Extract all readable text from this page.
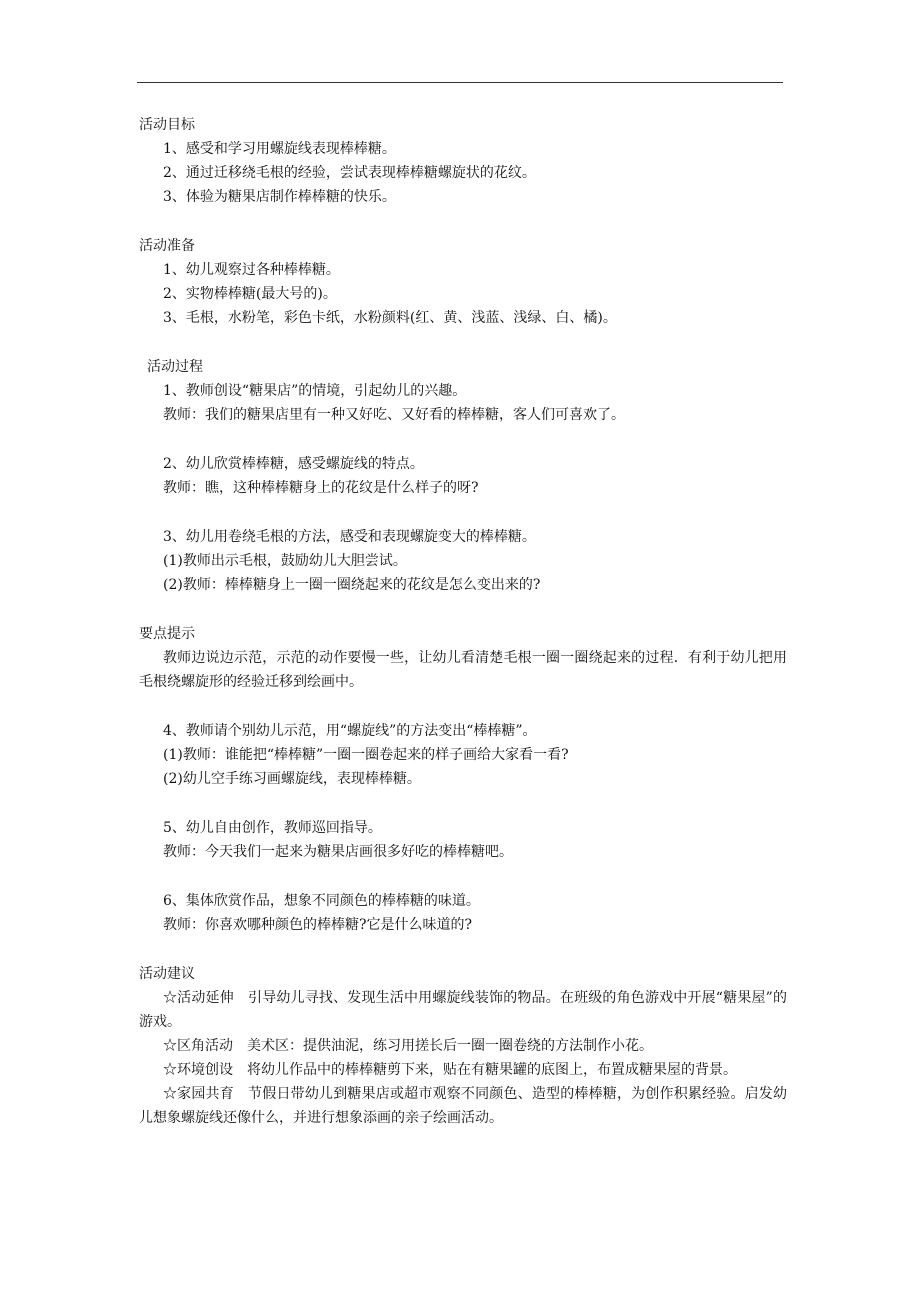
活动目标

1、感受和学习用螺旋线表现棒棒糖。

2、通过迁移绕毛根的经验，尝试表现棒棒糖螺旋状的花纹。

3、体验为糖果店制作棒棒糖的快乐。

活动准备

1、幼儿观察过各种棒棒糖。

2、实物棒棒糖(最大号的)。

3、毛根，水粉笔，彩色卡纸，水粉颜料(红、黄、浅蓝、浅绿、白、橘)。

活动过程

1、教师创设“糖果店”的情境，引起幼儿的兴趣。

教师：我们的糖果店里有一种又好吃、又好看的棒棒糖，客人们可喜欢了。

2、幼儿欣赏棒棒糖，感受螺旋线的特点。

教师：瞧，这种棒棒糖身上的花纹是什么样子的呀?

3、幼儿用卷绕毛根的方法，感受和表现螺旋变大的棒棒糖。

(1)教师出示毛根，鼓励幼儿大胆尝试。

(2)教师：棒棒糖身上一圈一圈绕起来的花纹是怎么变出来的?

要点提示

教师边说边示范，示范的动作要慢一些，让幼儿看清楚毛根一圈一圈绕起来的过程．有利于幼儿把用毛根绕螺旋形的经验迁移到绘画中。

4、教师请个别幼儿示范，用“螺旋线”的方法变出“棒棒糖”。

(1)教师：谁能把“棒棒糖”一圈一圈卷起来的样子画给大家看一看?

(2)幼儿空手练习画螺旋线，表现棒棒糖。

5、幼儿自由创作，教师巡回指导。

教师：今天我们一起来为糖果店画很多好吃的棒棒糖吧。

6、集体欣赏作品，想象不同颜色的棒棒糖的味道。

教师：你喜欢哪种颜色的棒棒糖?它是什么味道的?

活动建议

☆活动延伸　引导幼儿寻找、发现生活中用螺旋线装饰的物品。在班级的角色游戏中开展“糖果屋”的游戏。

☆区角活动　美术区：提供油泥，练习用搓长后一圈一圈卷绕的方法制作小花。

☆环境创设　将幼儿作品中的棒棒糖剪下来，贴在有糖果罐的底图上，布置成糖果屋的背景。

☆家园共育　节假日带幼儿到糖果店或超市观察不同颜色、造型的棒棒糖，为创作积累经验。启发幼儿想象螺旋线还像什么，并进行想象添画的亲子绘画活动。
